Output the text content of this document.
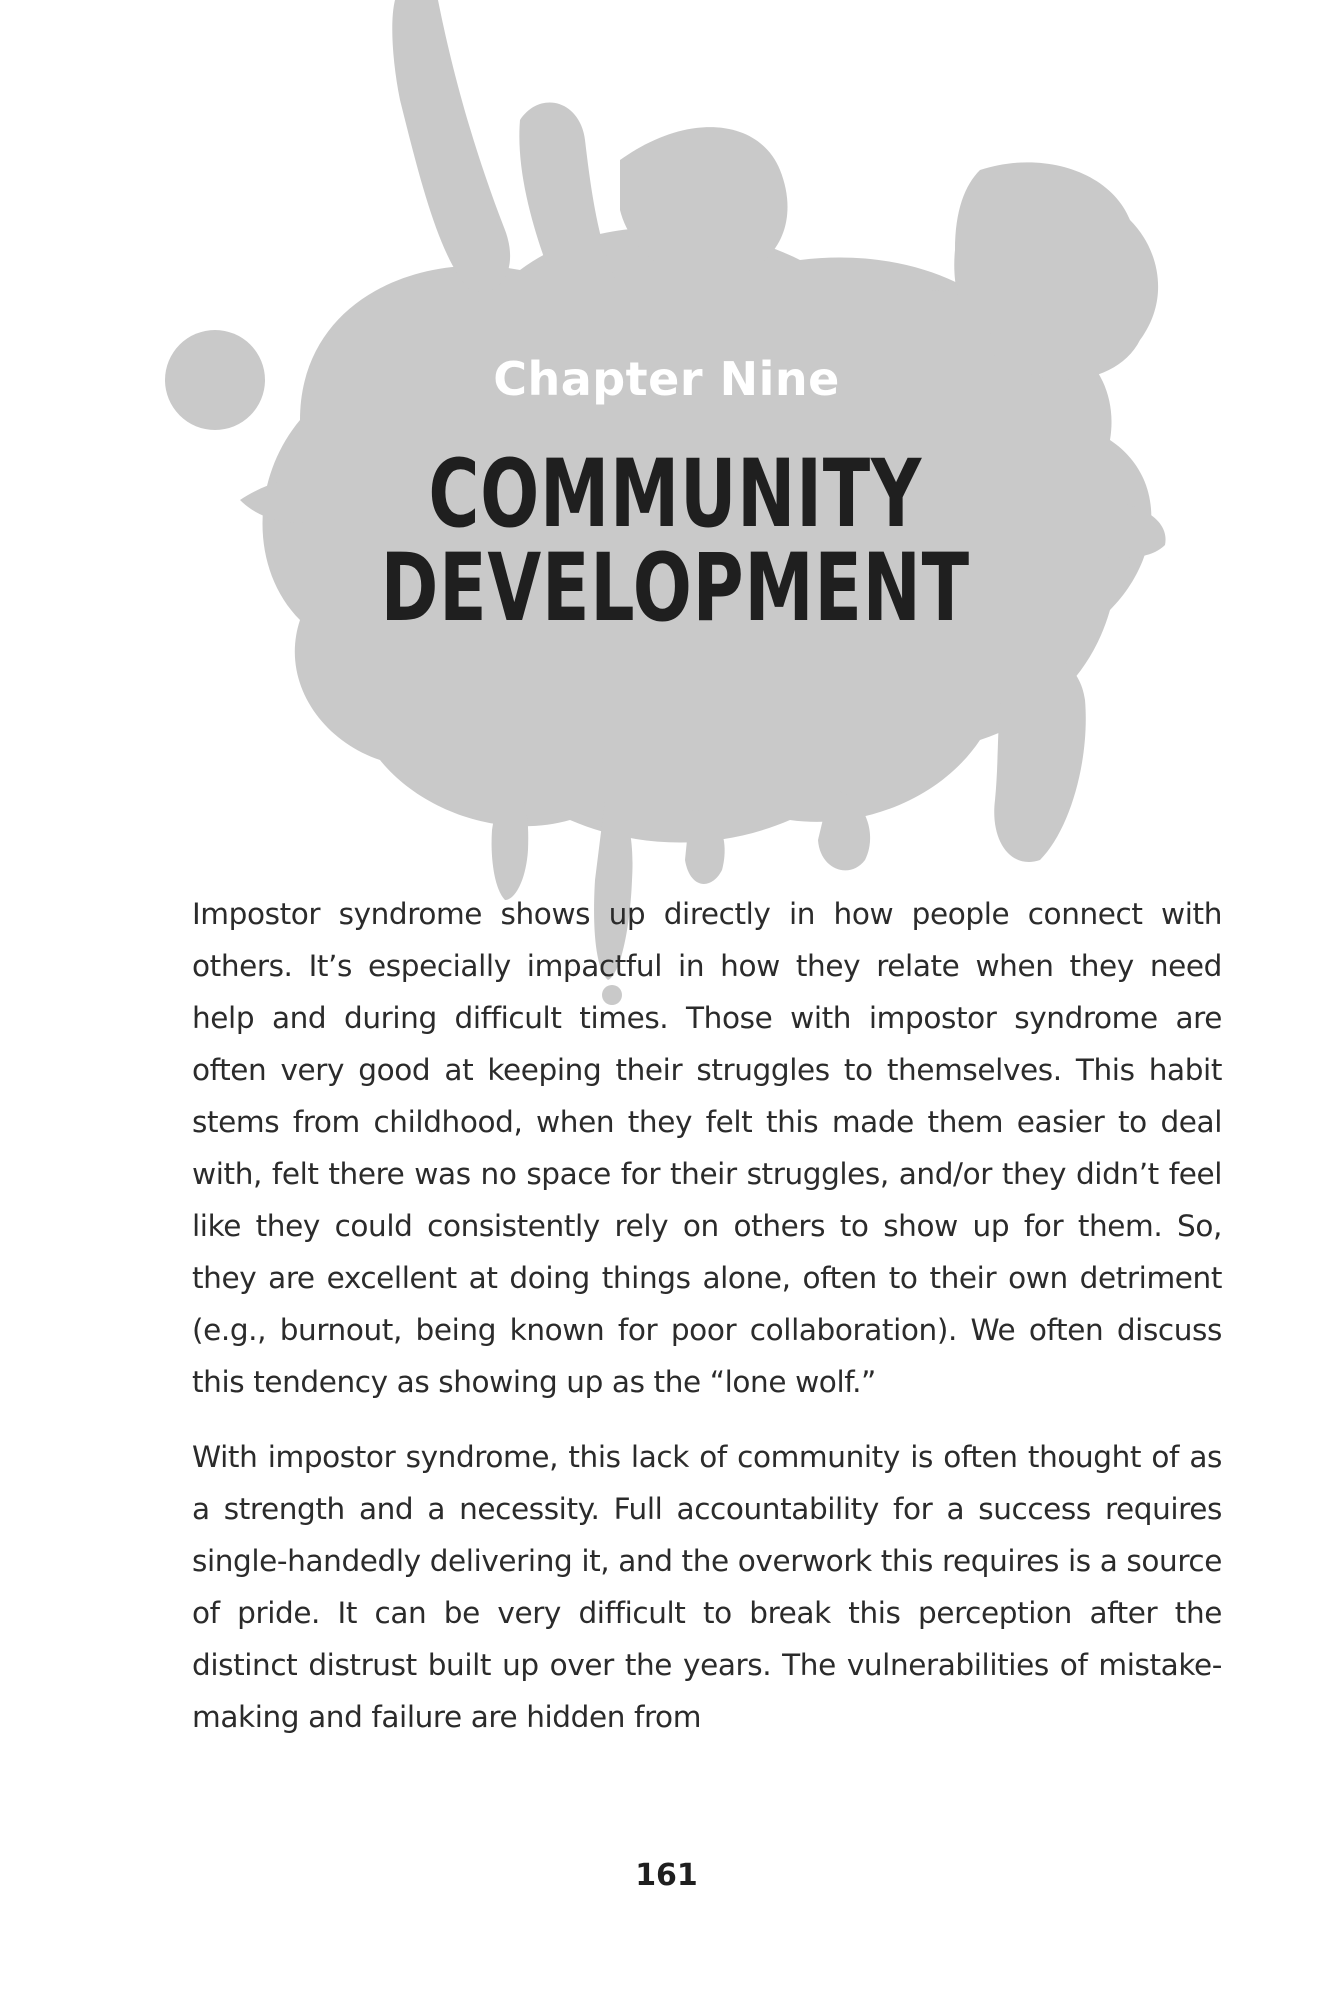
Chapter Nine

COMMUNITY DEVELOPMENT

Impostor syndrome shows up directly in how people connect with others. It’s especially impactful in how they relate when they need help and during difficult times. Those with impostor syndrome are often very good at keeping their struggles to themselves. This habit stems from childhood, when they felt this made them easier to deal with, felt there was no space for their struggles, and/or they didn’t feel like they could consistently rely on others to show up for them. So, they are excellent at doing things alone, often to their own detriment (e.g., burnout, being known for poor collaboration). We often discuss this tendency as showing up as the “lone wolf.”

With impostor syndrome, this lack of community is often thought of as a strength and a necessity. Full accountability for a success requires single-handedly delivering it, and the overwork this requires is a source of pride. It can be very difficult to break this perception after the distinct distrust built up over the years. The vulnerabilities of mistake-making and failure are hidden from

161
